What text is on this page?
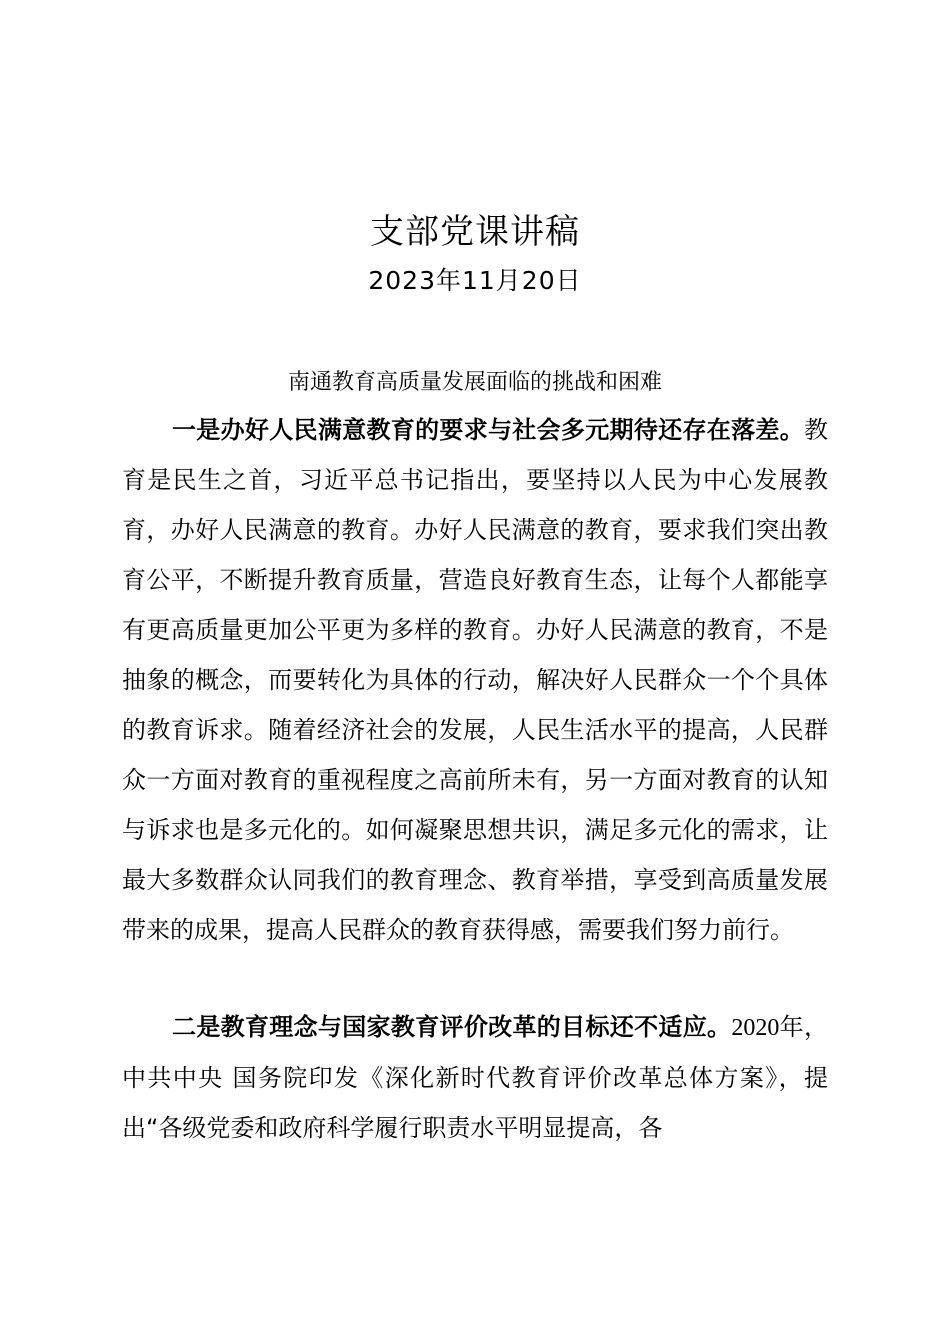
支部党课讲稿
2023年11月20日
南通教育高质量发展面临的挑战和困难

一是办好人民满意教育的要求与社会多元期待还存在落差。教育是民生之首，习近平总书记指出，要坚持以人民为中心发展教育，办好人民满意的教育。办好人民满意的教育，要求我们突出教育公平，不断提升教育质量，营造良好教育生态，让每个人都能享有更高质量更加公平更为多样的教育。办好人民满意的教育，不是抽象的概念，而要转化为具体的行动，解决好人民群众一个个具体的教育诉求。随着经济社会的发展，人民生活水平的提高，人民群众一方面对教育的重视程度之高前所未有，另一方面对教育的认知与诉求也是多元化的。如何凝聚思想共识，满足多元化的需求，让最大多数群众认同我们的教育理念、教育举措，享受到高质量发展带来的成果，提高人民群众的教育获得感，需要我们努力前行。

二是教育理念与国家教育评价改革的目标还不适应。2020年，中共中央 国务院印发《深化新时代教育评价改革总体方案》，提出“各级党委和政府科学履行职责水平明显提高，各
